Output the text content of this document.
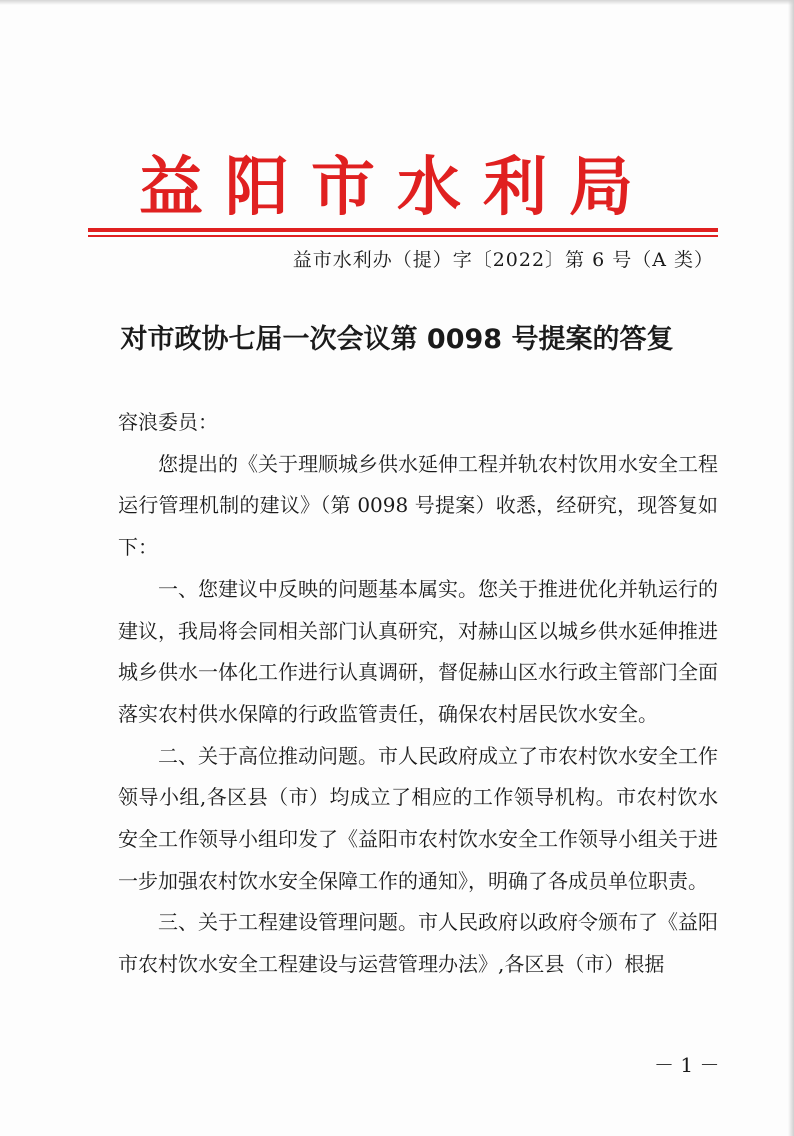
益阳市水利局
益市水利办（提）字〔2022〕第 6 号（A 类）
对市政协七届一次会议第 0098 号提案的答复

容浪委员：

您提出的《关于理顺城乡供水延伸工程并轨农村饮用水安全工程运行管理机制的建议》（第 0098 号提案）收悉，经研究，现答复如下：

一、您建议中反映的问题基本属实。您关于推进优化并轨运行的建议，我局将会同相关部门认真研究，对赫山区以城乡供水延伸推进城乡供水一体化工作进行认真调研，督促赫山区水行政主管部门全面落实农村供水保障的行政监管责任，确保农村居民饮水安全。

二、关于高位推动问题。市人民政府成立了市农村饮水安全工作领导小组,各区县（市）均成立了相应的工作领导机构。市农村饮水安全工作领导小组印发了《益阳市农村饮水安全工作领导小组关于进一步加强农村饮水安全保障工作的通知》，明确了各成员单位职责。

三、关于工程建设管理问题。市人民政府以政府令颁布了《益阳市农村饮水安全工程建设与运营管理办法》,各区县（市）根据

－ 1 －
